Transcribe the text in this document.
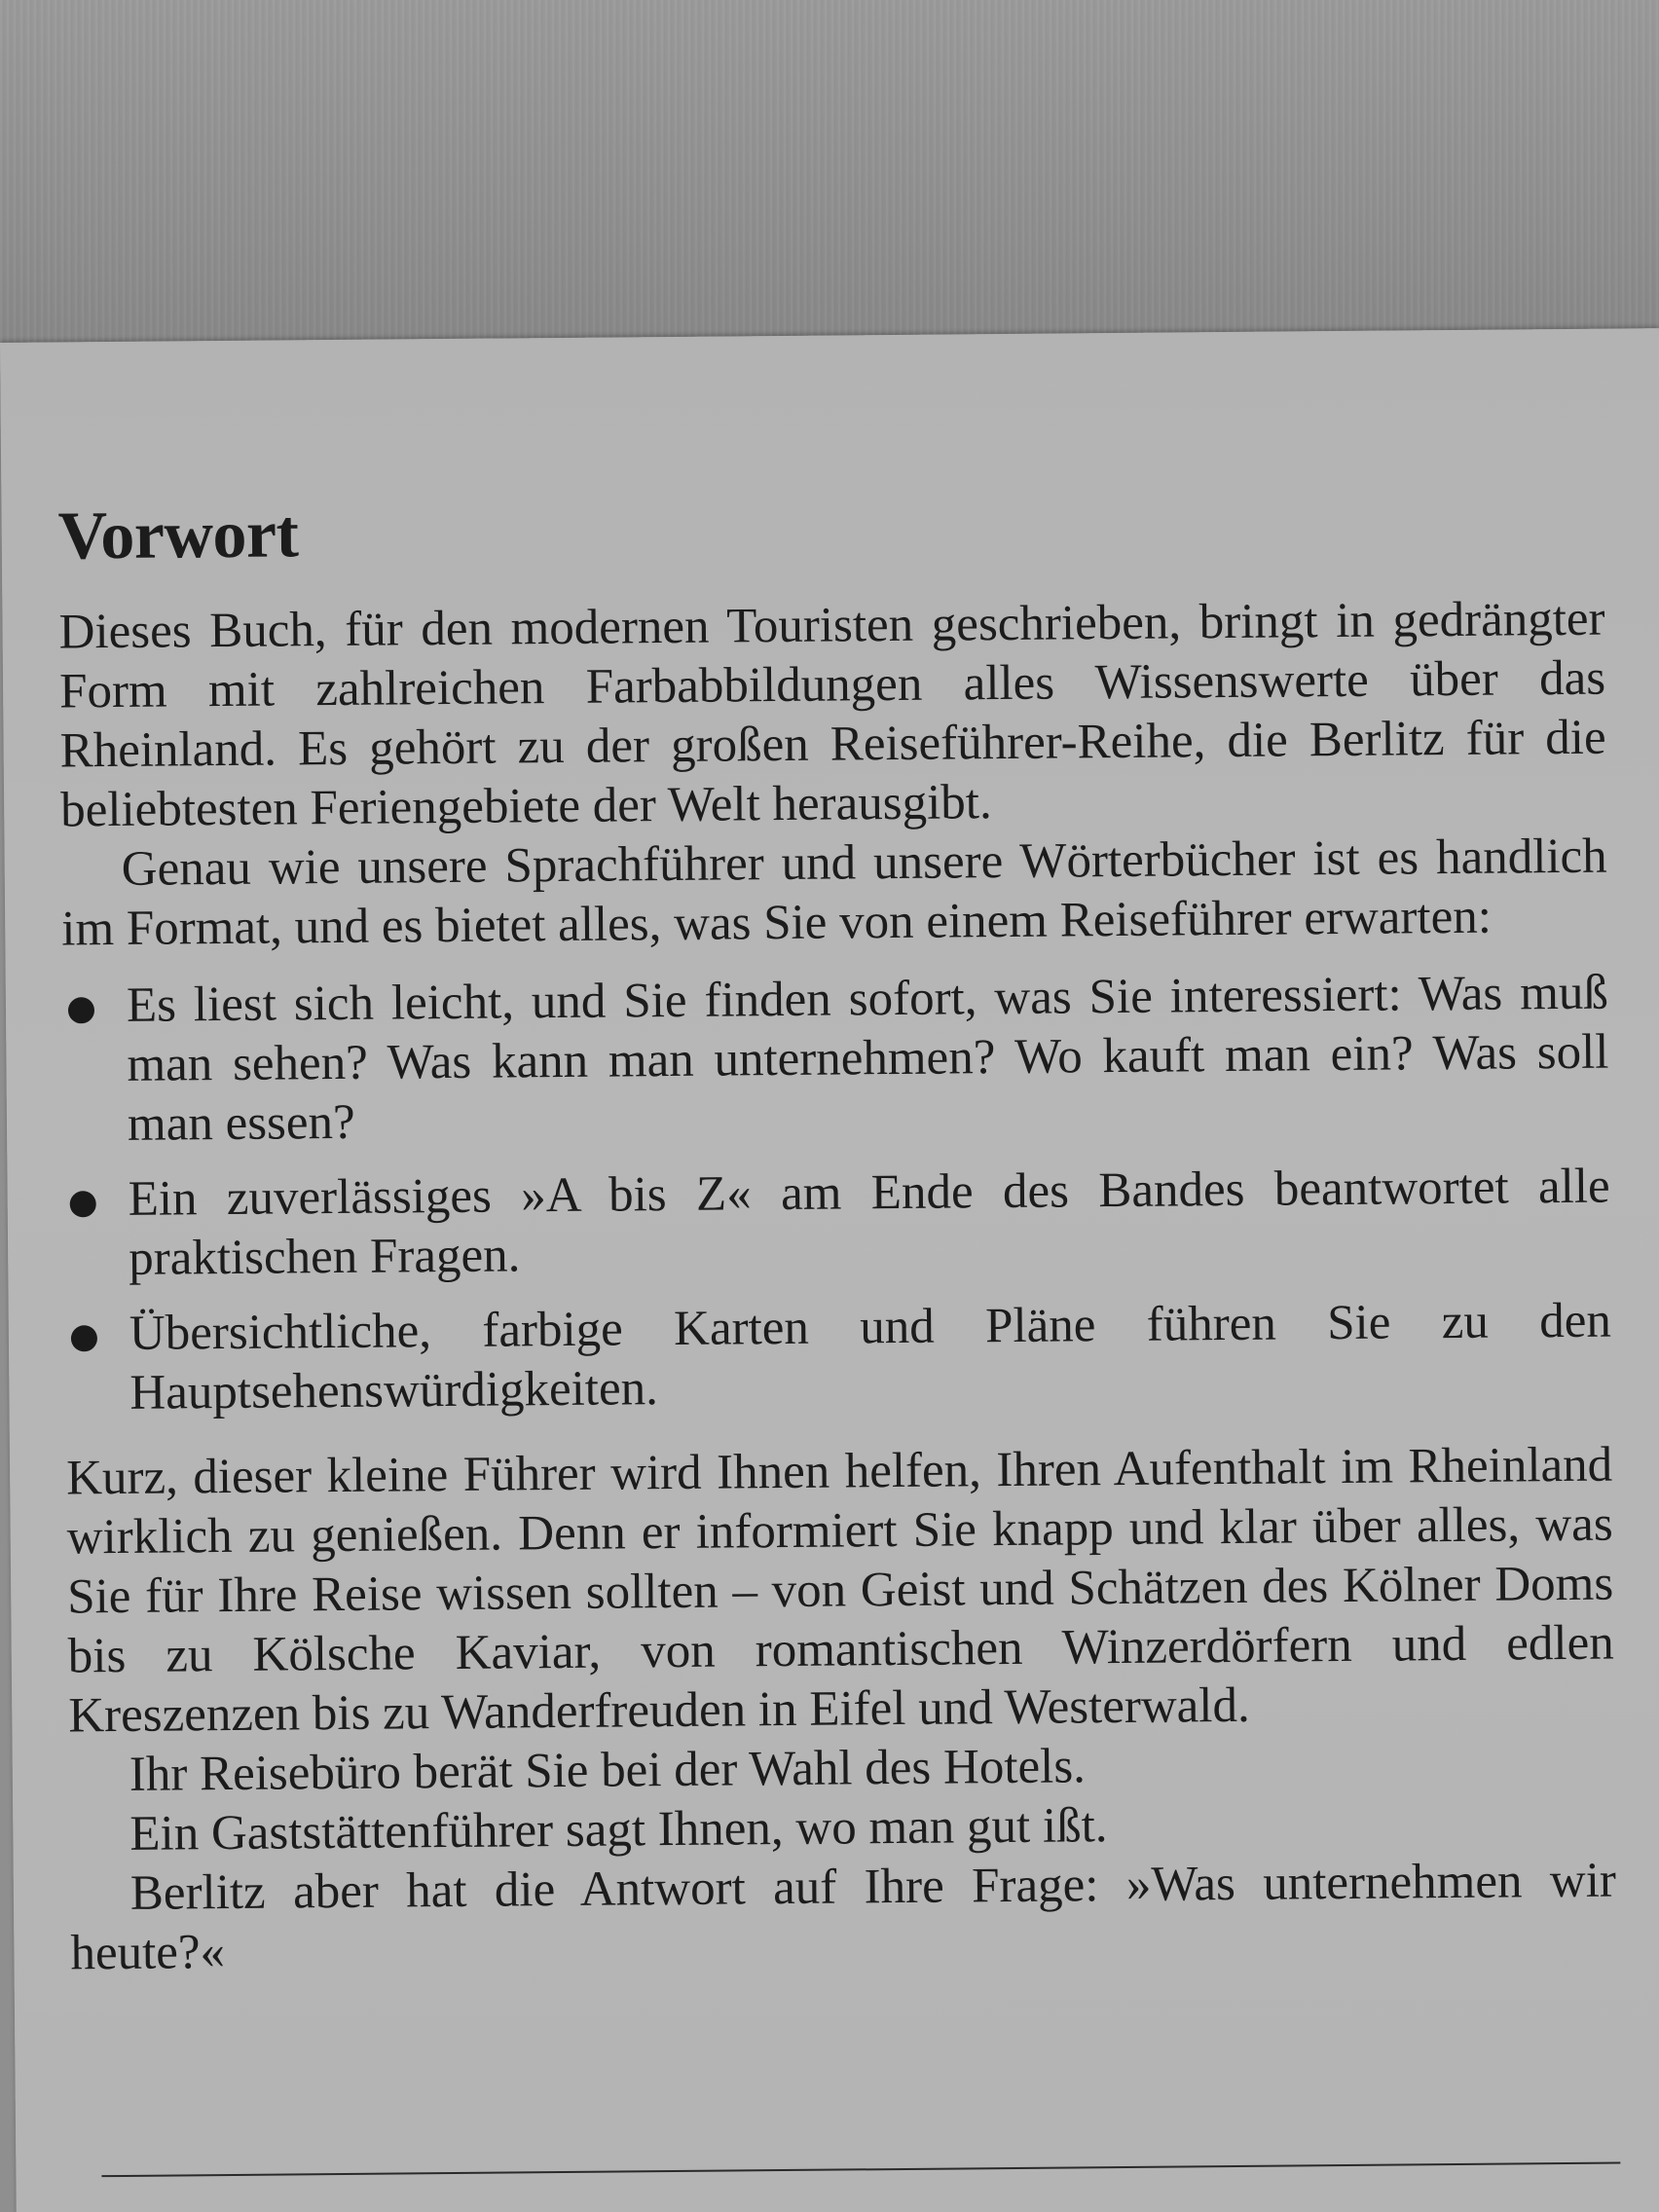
Vorwort

Dieses Buch, für den modernen Touristen geschrieben, bringt in gedrängter Form mit zahlreichen Farbabbildungen alles Wissenswerte über das Rheinland. Es gehört zu der großen Reiseführer-Reihe, die Berlitz für die beliebtesten Feriengebiete der Welt herausgibt.

Genau wie unsere Sprachführer und unsere Wörterbücher ist es handlich im Format, und es bietet alles, was Sie von einem Reiseführer erwarten:

Es liest sich leicht, und Sie finden sofort, was Sie interessiert: Was muß man sehen? Was kann man unternehmen? Wo kauft man ein? Was soll man essen?
Ein zuverlässiges »A bis Z« am Ende des Bandes beantwortet alle praktischen Fragen.
Übersichtliche, farbige Karten und Pläne führen Sie zu den Hauptsehenswürdigkeiten.

Kurz, dieser kleine Führer wird Ihnen helfen, Ihren Aufenthalt im Rheinland wirklich zu genießen. Denn er informiert Sie knapp und klar über alles, was Sie für Ihre Reise wissen sollten – von Geist und Schätzen des Kölner Doms bis zu Kölsche Kaviar, von romantischen Winzerdörfern und edlen Kreszenzen bis zu Wanderfreuden in Eifel und Westerwald.

Ihr Reisebüro berät Sie bei der Wahl des Hotels.

Ein Gaststättenführer sagt Ihnen, wo man gut ißt.

Berlitz aber hat die Antwort auf Ihre Frage: »Was unternehmen wir heute?«
